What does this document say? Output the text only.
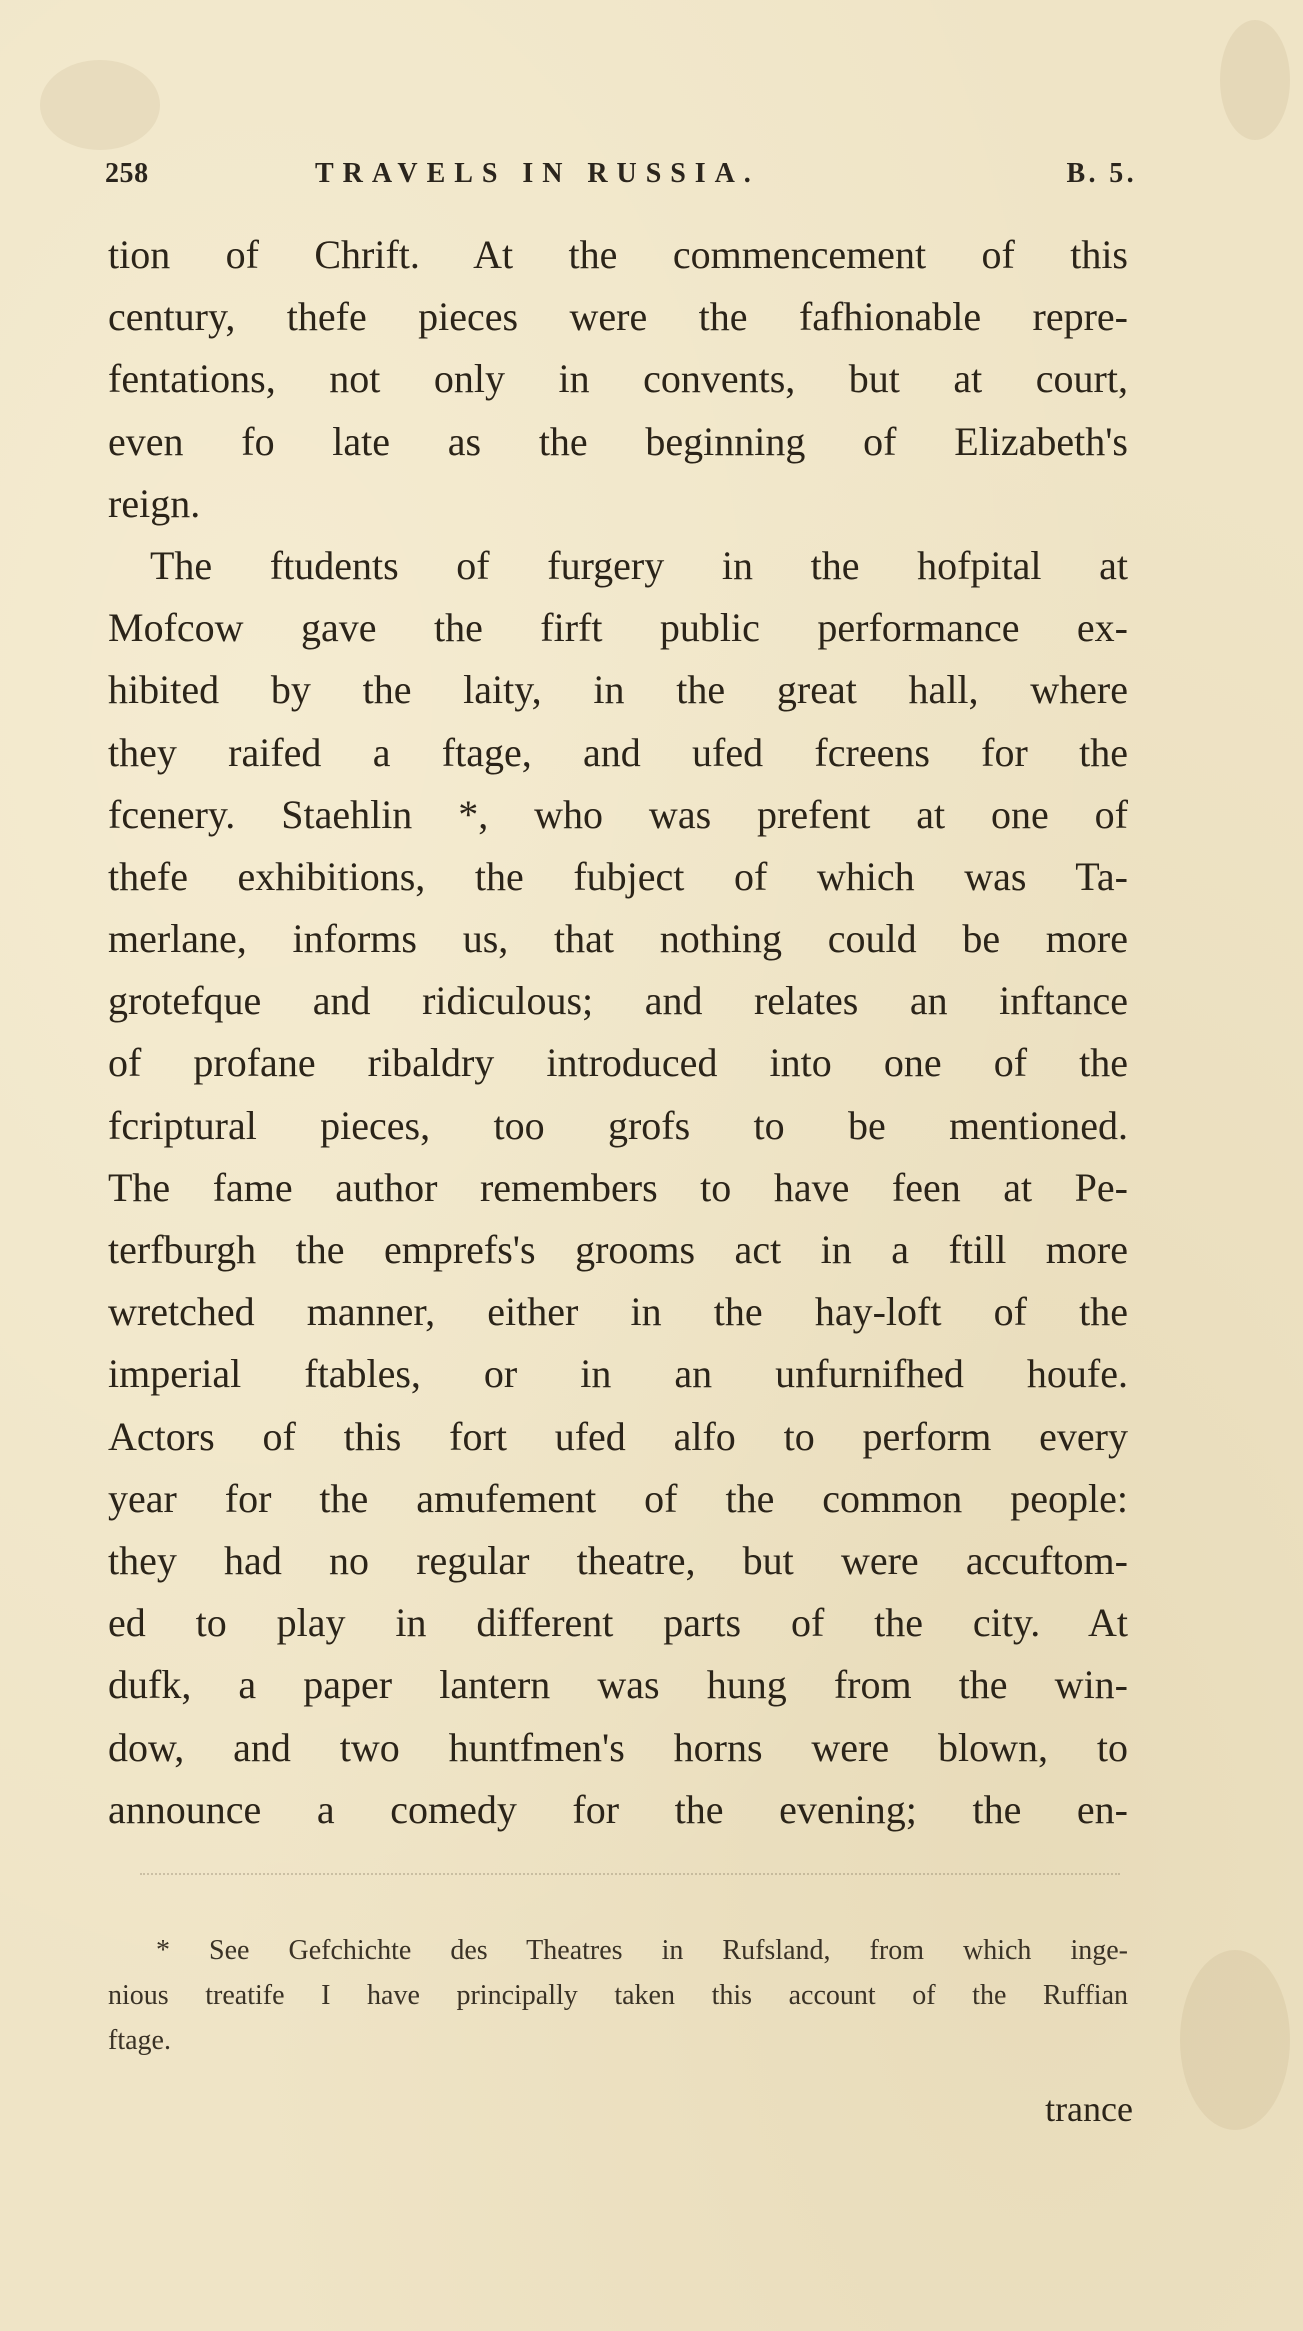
258	TRAVELS IN RUSSIA.	B. 5.
tion of Chrift. At the commencement of this
century, thefe pieces were the fafhionable repre-
fentations, not only in convents, but at court,
even fo late as the beginning of Elizabeth's
reign.
The ftudents of furgery in the hofpital at
Mofcow gave the firft public performance ex-
hibited by the laity, in the great hall, where
they raifed a ftage, and ufed fcreens for the
fcenery. Staehlin *, who was prefent at one of
thefe exhibitions, the fubject of which was Ta-
merlane, informs us, that nothing could be more
grotefque and ridiculous; and relates an inftance
of profane ribaldry introduced into one of the
fcriptural pieces, too grofs to be mentioned.
The fame author remembers to have feen at Pe-
terfburgh the emprefs's grooms act in a ftill more
wretched manner, either in the hay-loft of the
imperial ftables, or in an unfurnifhed houfe.
Actors of this fort ufed alfo to perform every
year for the amufement of the common people:
they had no regular theatre, but were accuftom-
ed to play in different parts of the city. At
dufk, a paper lantern was hung from the win-
dow, and two huntfmen's horns were blown, to
announce a comedy for the evening; the en-
* See Gefchichte des Theatres in Rufsland, from which inge-
nious treatife I have principally taken this account of the Ruffian
ftage.
trance
